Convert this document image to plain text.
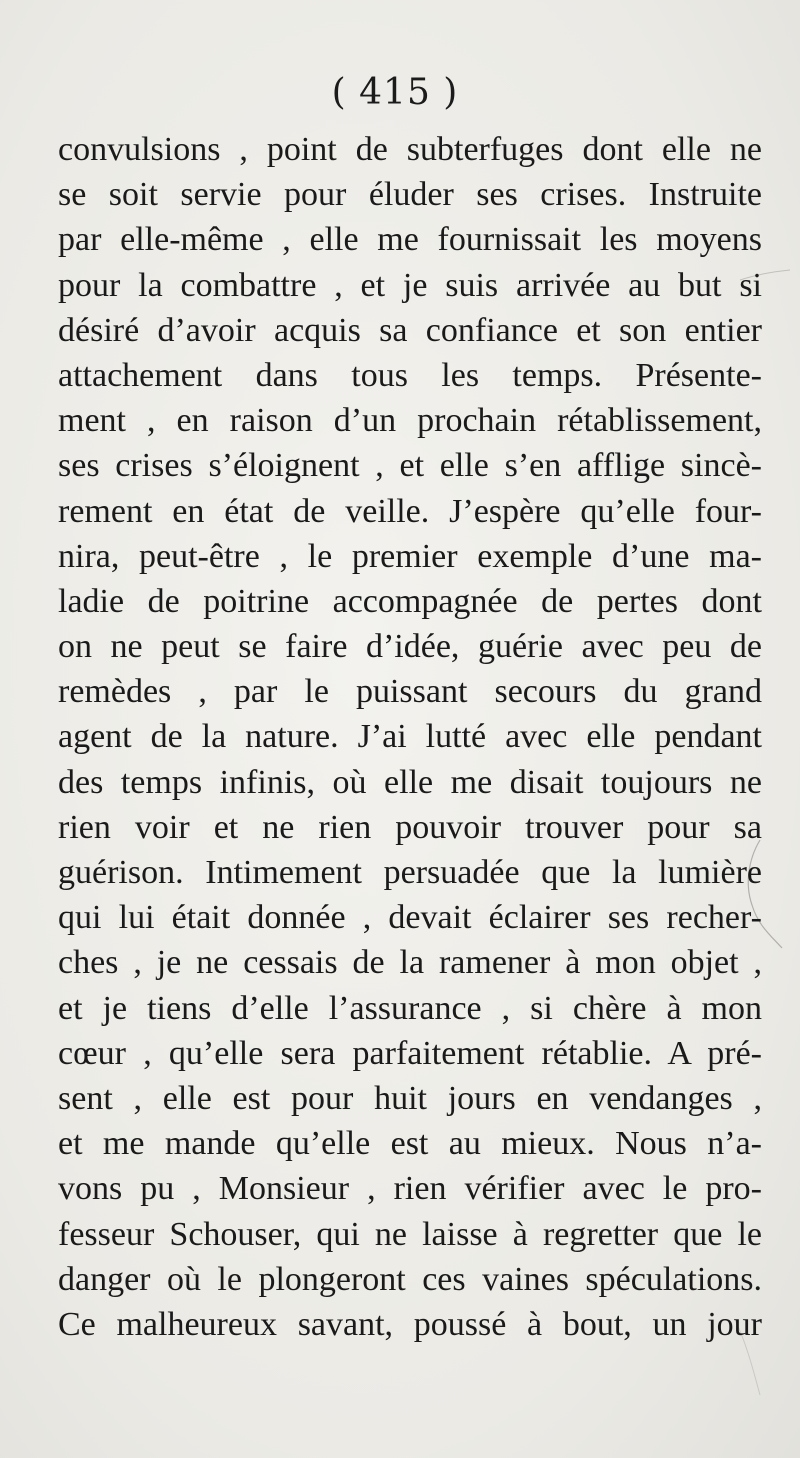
( 415 )
convulsions , point de subterfuges dont elle ne
se soit servie pour éluder ses crises. Instruite
par elle-même , elle me fournissait les moyens
pour la combattre , et je suis arrivée au but si
désiré d’avoir acquis sa confiance et son entier
attachement dans tous les temps. Présente-
ment , en raison d’un prochain rétablissement,
ses crises s’éloignent , et elle s’en afflige sincè-
rement en état de veille. J’espère qu’elle four-
nira, peut-être , le premier exemple d’une ma-
ladie de poitrine accompagnée de pertes dont
on ne peut se faire d’idée, guérie avec peu de
remèdes , par le puissant secours du grand
agent de la nature. J’ai lutté avec elle pendant
des temps infinis, où elle me disait toujours ne
rien voir et ne rien pouvoir trouver pour sa
guérison. Intimement persuadée que la lumière
qui lui était donnée , devait éclairer ses recher-
ches , je ne cessais de la ramener à mon objet ,
et je tiens d’elle l’assurance , si chère à mon
cœur , qu’elle sera parfaitement rétablie. A pré-
sent , elle est pour huit jours en vendanges ,
et me mande qu’elle est au mieux. Nous n’a-
vons pu , Monsieur , rien vérifier avec le pro-
fesseur Schouser, qui ne laisse à regretter que le
danger où le plongeront ces vaines spéculations.
Ce malheureux savant, poussé à bout, un jour
